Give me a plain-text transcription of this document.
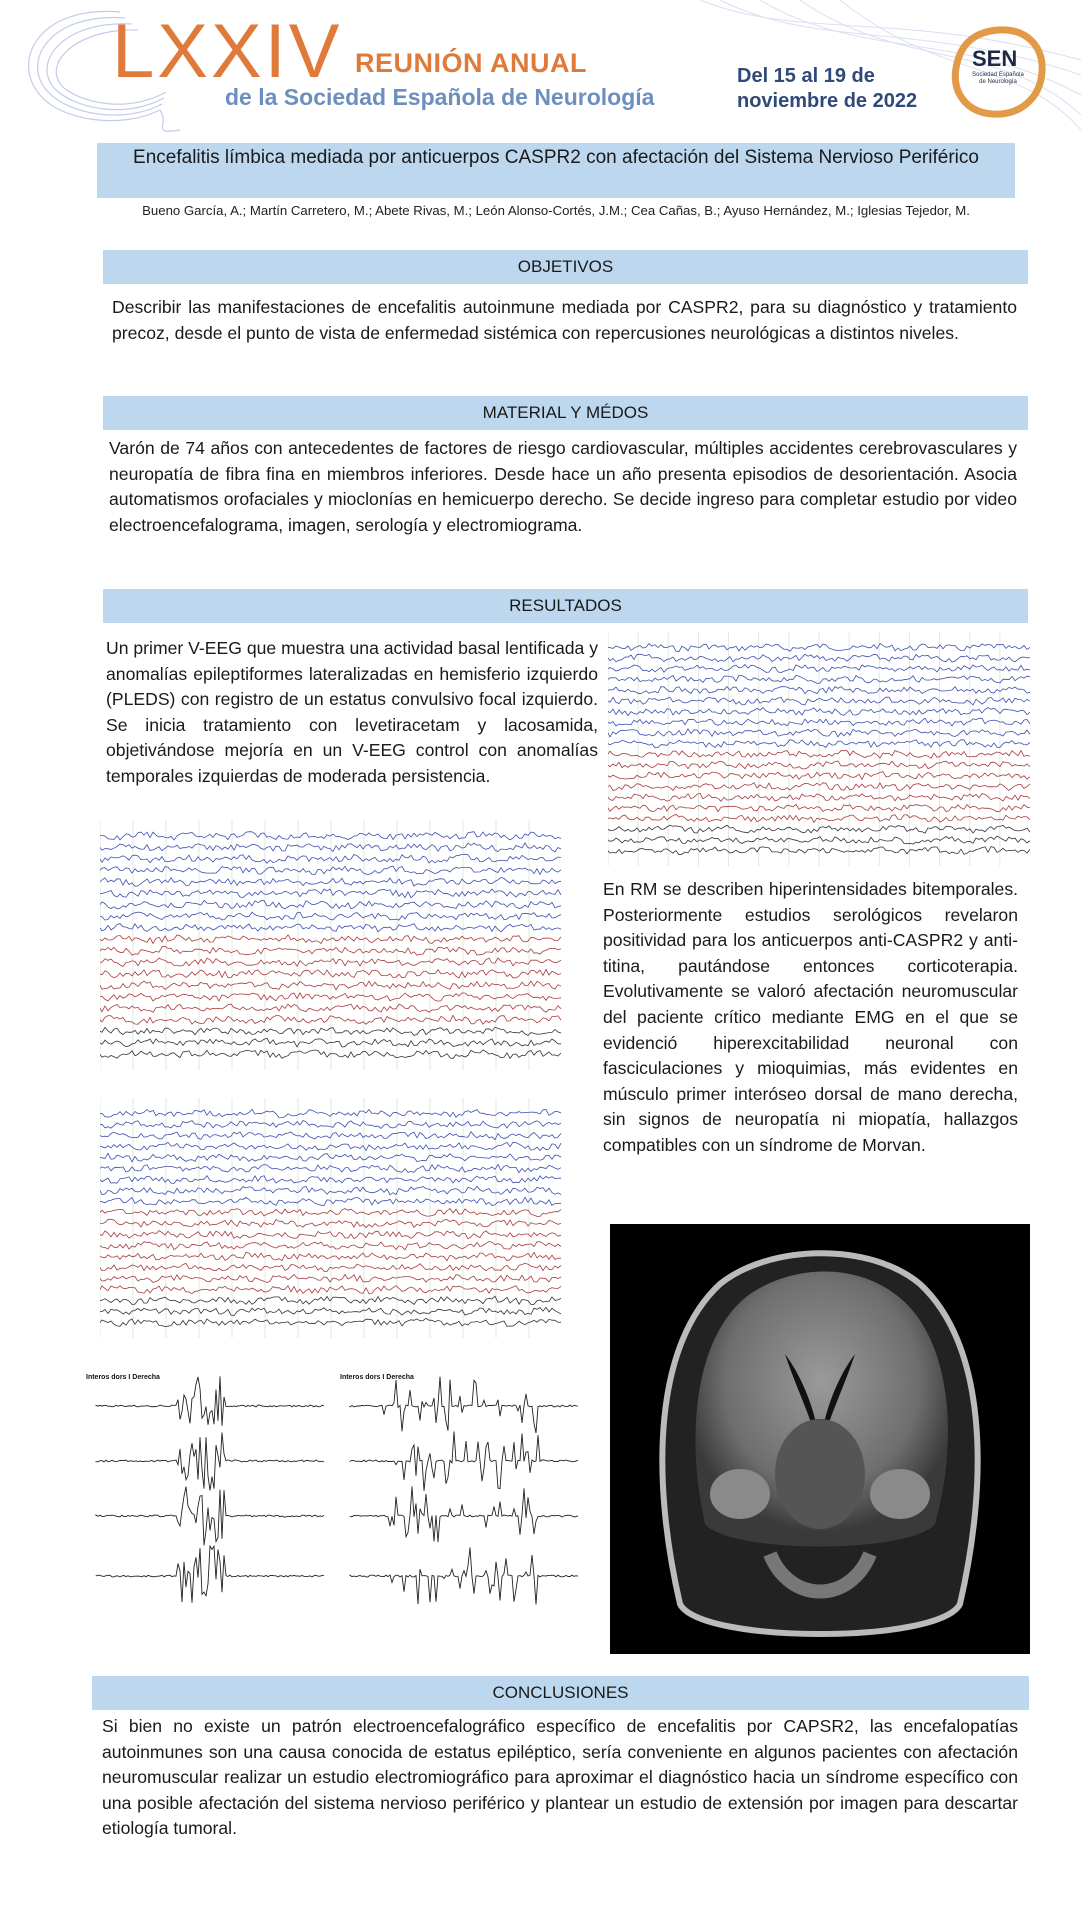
LXXIV REUNIÓN ANUAL
de la Sociedad Española de Neurología
Del 15 al 19 de
noviembre de 2022
SEN
Sociedad Española de Neurología
Encefalitis límbica mediada por anticuerpos CASPR2 con afectación del Sistema Nervioso Periférico
Bueno García, A.; Martín Carretero, M.; Abete Rivas, M.; León Alonso-Cortés, J.M.; Cea Cañas, B.; Ayuso Hernández, M.; Iglesias Tejedor, M.
OBJETIVOS
Describir las manifestaciones de encefalitis autoinmune mediada por CASPR2, para su diagnóstico y tratamiento precoz, desde el punto de vista de enfermedad sistémica con repercusiones neurológicas a distintos niveles.
MATERIAL Y MÉDOS
Varón de 74 años con antecedentes de factores de riesgo cardiovascular, múltiples accidentes cerebrovasculares y neuropatía de fibra fina en miembros inferiores. Desde hace un año presenta episodios de desorientación. Asocia automatismos orofaciales y mioclonías en hemicuerpo derecho. Se decide ingreso para completar estudio por video electroencefalograma, imagen, serología y electromiograma.
RESULTADOS
Un primer V-EEG que muestra una actividad basal lentificada y anomalías epileptiformes lateralizadas en hemisferio izquierdo (PLEDS) con registro de un estatus convulsivo focal izquierdo. Se inicia tratamiento con levetiracetam y lacosamida, objetivándose mejoría en un V-EEG control con anomalías temporales izquierdas de moderada persistencia.
En RM se describen hiperintensidades bitemporales. Posteriormente estudios serológicos revelaron positividad para los anticuerpos anti-CASPR2 y anti-titina, pautándose entonces corticoterapia. Evolutivamente se valoró afectación neuromuscular del paciente crítico mediante EMG en el que se evidenció hiperexcitabilidad neuronal con fasciculaciones y mioquimias, más evidentes en músculo primer interóseo dorsal de mano derecha, sin signos de neuropatía ni miopatía, hallazgos compatibles con un síndrome de Morvan.
Interos dors I Derecha	Interos dors I Derecha
CONCLUSIONES
Si bien no existe un patrón electroencefalográfico específico de encefalitis por CAPSR2, las encefalopatías autoinmunes son una causa conocida de estatus epiléptico, sería conveniente en algunos pacientes con afectación neuromuscular realizar un estudio electromiográfico para aproximar el diagnóstico hacia un síndrome específico con una posible afectación del sistema nervioso periférico y plantear un estudio de extensión por imagen para descartar etiología tumoral.
